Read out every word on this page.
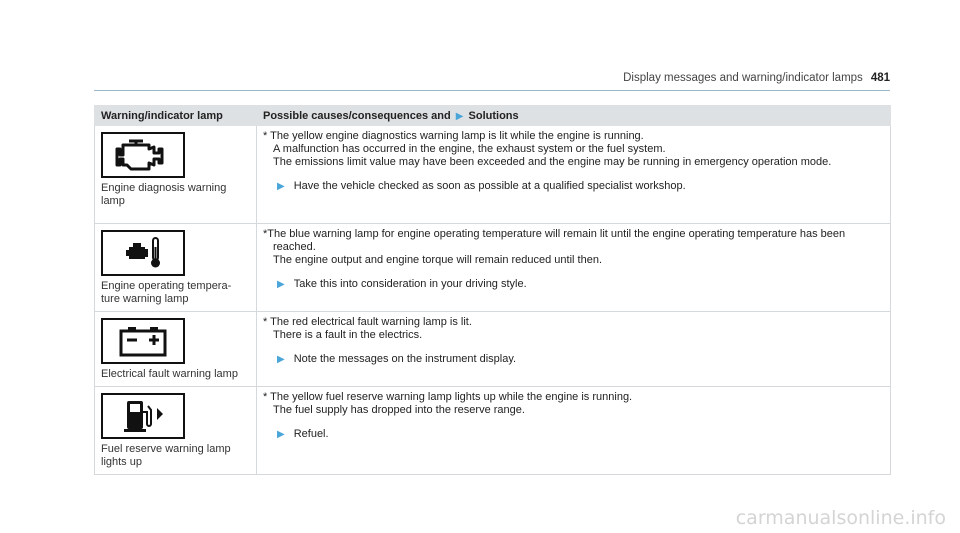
Display messages and warning/indicator lamps 481
Warning/indicator lamp	Possible causes/consequences and ▶ Solutions

Engine diagnosis warning lamp	* The yellow engine diagnostics warning lamp is lit while the engine is running.
A malfunction has occurred in the engine, the exhaust system or the fuel system.
The emissions limit value may have been exceeded and the engine may be running in emergency operation mode.
▶ Have the vehicle checked as soon as possible at a qualified specialist workshop.

Engine operating tempera- ture warning lamp	*The blue warning lamp for engine operating temperature will remain lit until the engine operating temperature has been
reached.
The engine output and engine torque will remain reduced until then.
▶ Take this into consideration in your driving style.

Electrical fault warning lamp	* The red electrical fault warning lamp is lit.
There is a fault in the electrics.
▶ Note the messages on the instrument display.

Fuel reserve warning lamp lights up	* The yellow fuel reserve warning lamp lights up while the engine is running.
The fuel supply has dropped into the reserve range.
▶ Refuel.
carmanualsonline.info
